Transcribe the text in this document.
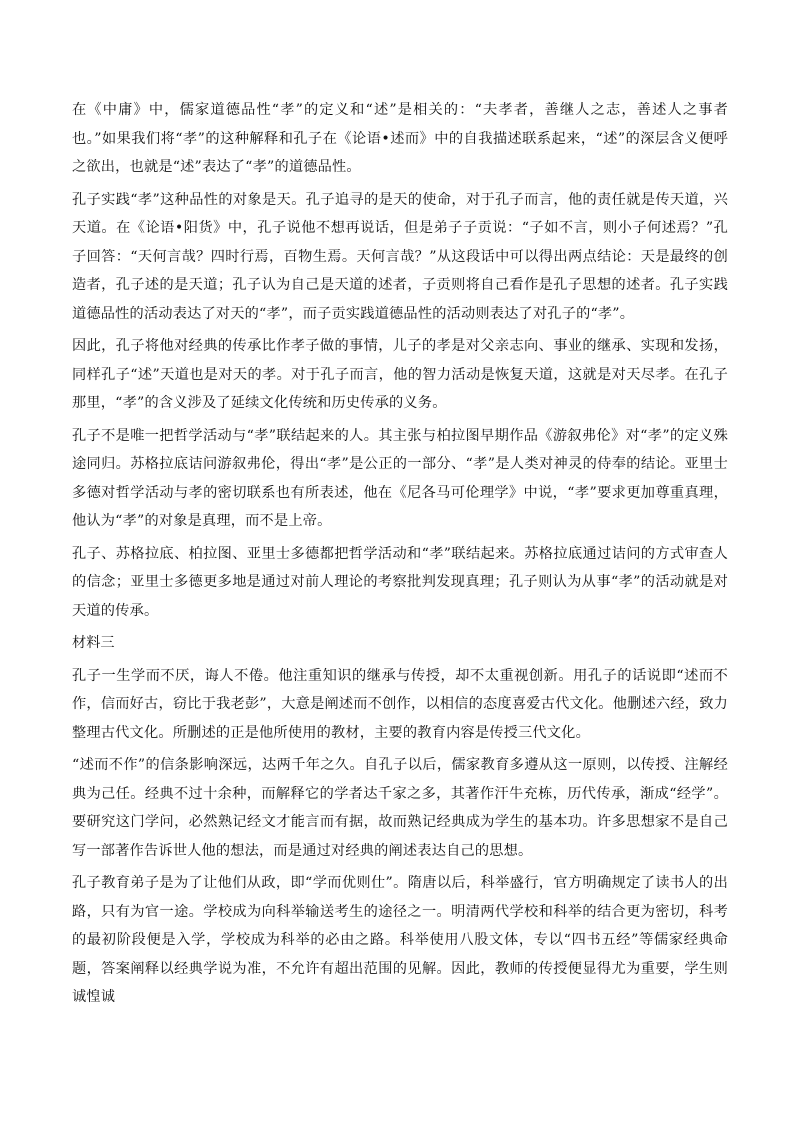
在《中庸》中，儒家道德品性“孝”的定义和“述”是相关的：“夫孝者，善继人之志，善述人之事者也。”如果我们将“孝”的这种解释和孔子在《论语•述而》中的自我描述联系起来，“述”的深层含义便呼之欲出，也就是“述”表达了“孝”的道德品性。

孔子实践“孝”这种品性的对象是天。孔子追寻的是天的使命，对于孔子而言，他的责任就是传天道，兴天道。在《论语•阳货》中，孔子说他不想再说话，但是弟子子贡说：“子如不言，则小子何述焉？”孔子回答：“天何言哉？四时行焉，百物生焉。天何言哉？”从这段话中可以得出两点结论：天是最终的创造者，孔子述的是天道；孔子认为自己是天道的述者，子贡则将自己看作是孔子思想的述者。孔子实践道德品性的活动表达了对天的“孝”，而子贡实践道德品性的活动则表达了对孔子的“孝”。

因此，孔子将他对经典的传承比作孝子做的事情，儿子的孝是对父亲志向、事业的继承、实现和发扬，同样孔子“述”天道也是对天的孝。对于孔子而言，他的智力活动是恢复天道，这就是对天尽孝。在孔子那里，“孝”的含义涉及了延续文化传统和历史传承的义务。

孔子不是唯一把哲学活动与“孝”联结起来的人。其主张与柏拉图早期作品《游叙弗伦》对“孝”的定义殊途同归。苏格拉底诘问游叙弗伦，得出“孝”是公正的一部分、“孝”是人类对神灵的侍奉的结论。亚里士多德对哲学活动与孝的密切联系也有所表述，他在《尼各马可伦理学》中说，“孝”要求更加尊重真理，他认为“孝”的对象是真理，而不是上帝。

孔子、苏格拉底、柏拉图、亚里士多德都把哲学活动和“孝”联结起来。苏格拉底通过诘问的方式审查人的信念；亚里士多德更多地是通过对前人理论的考察批判发现真理；孔子则认为从事“孝”的活动就是对天道的传承。

材料三

孔子一生学而不厌，诲人不倦。他注重知识的继承与传授，却不太重视创新。用孔子的话说即“述而不作，信而好古，窃比于我老彭”，大意是阐述而不创作，以相信的态度喜爱古代文化。他删述六经，致力整理古代文化。所删述的正是他所使用的教材，主要的教育内容是传授三代文化。

“述而不作”的信条影响深远，达两千年之久。自孔子以后，儒家教育多遵从这一原则，以传授、注解经典为己任。经典不过十余种，而解释它的学者达千家之多，其著作汗牛充栋，历代传承，渐成“经学”。要研究这门学问，必然熟记经文才能言而有据，故而熟记经典成为学生的基本功。许多思想家不是自己写一部著作告诉世人他的想法，而是通过对经典的阐述表达自己的思想。

孔子教育弟子是为了让他们从政，即“学而优则仕”。隋唐以后，科举盛行，官方明确规定了读书人的出路，只有为官一途。学校成为向科举输送考生的途径之一。明清两代学校和科举的结合更为密切，科考的最初阶段便是入学，学校成为科举的必由之路。科举使用八股文体，专以“四书五经”等儒家经典命题，答案阐释以经典学说为准，不允许有超出范围的见解。因此，教师的传授便显得尤为重要，学生则诚惶诚
